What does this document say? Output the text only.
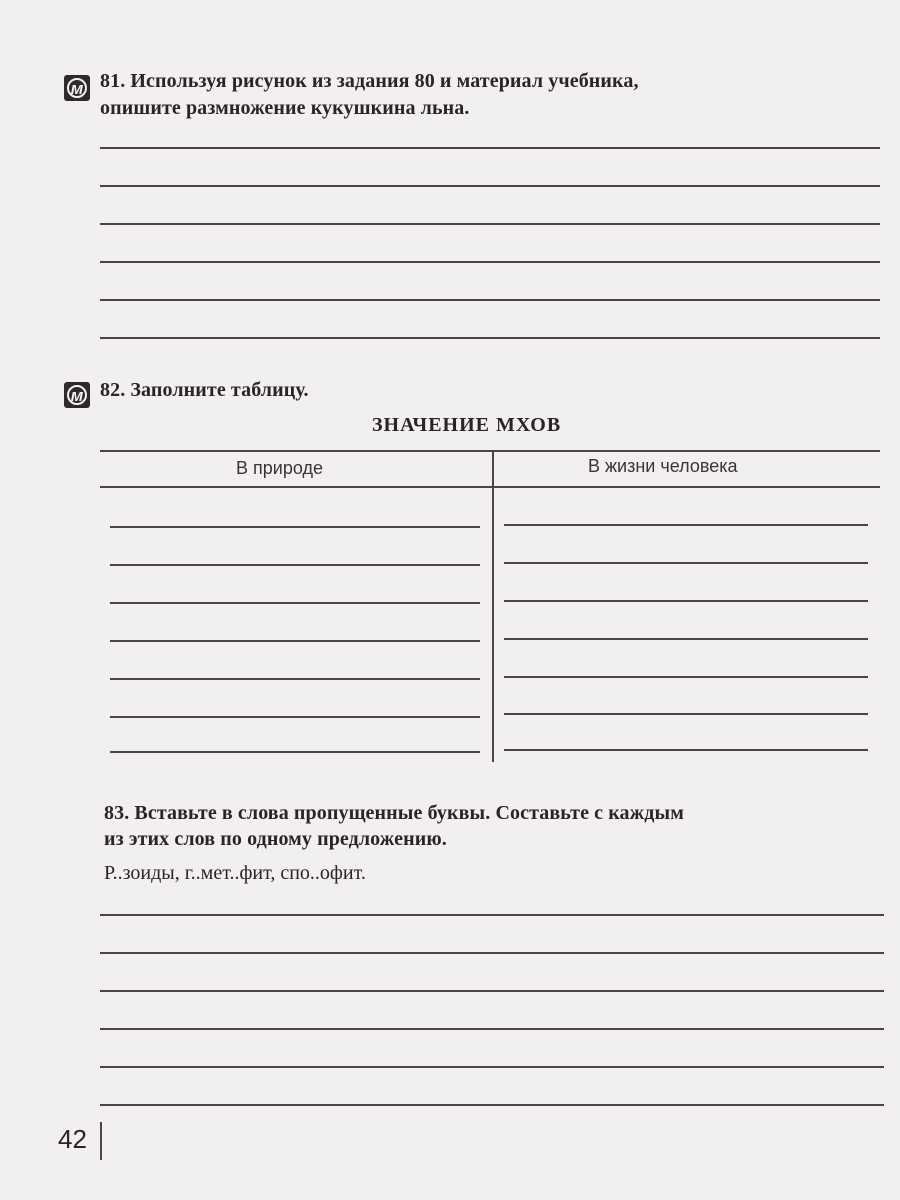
м 81. Используя рисунок из задания 80 и материал учебника,
опишите размножение кукушкина льна.
м 82. Заполните таблицу.
ЗНАЧЕНИЕ МХОВ
В природе	В жизни человека
83. Вставьте в слова пропущенные буквы. Составьте с каждым
из этих слов по одному предложению.
Р..зоиды, г..мет..фит, спо..офит.
42
